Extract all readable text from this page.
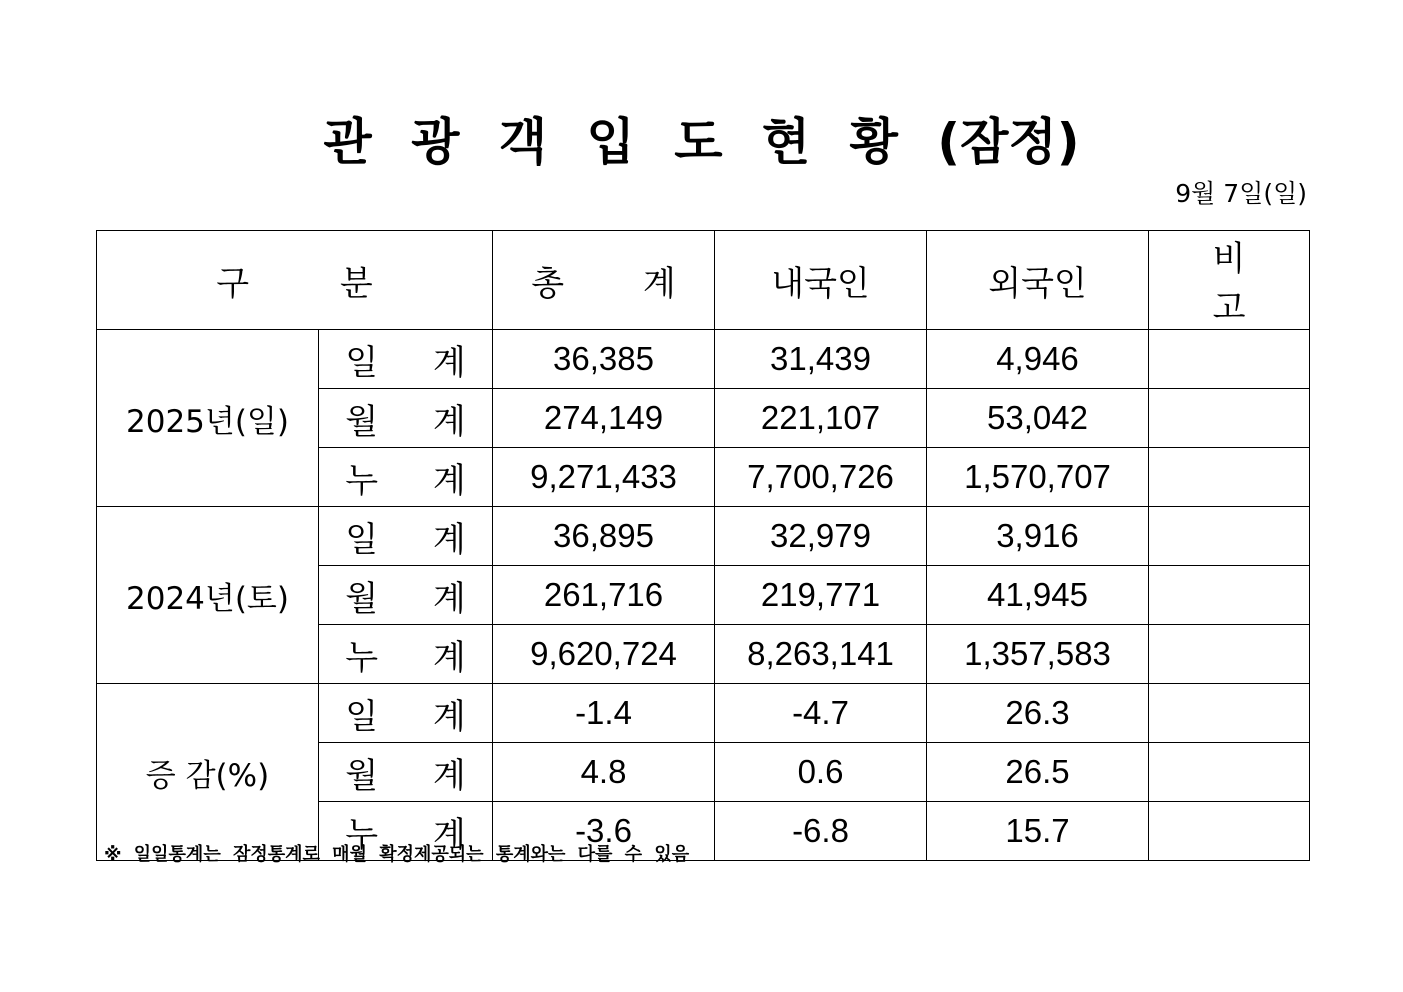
관 광 객 입 도 현 황 (잠정)
9월 7일(일)
구 분		총 계	내국인	외국인	비 고
2025년(일)	일 계	36,385	31,439	4,946	
	월 계	274,149	221,107	53,042	
	누 계	9,271,433	7,700,726	1,570,707	
2024년(토)	일 계	36,895	32,979	3,916	
	월 계	261,716	219,771	41,945	
	누 계	9,620,724	8,263,141	1,357,583	
증 감(%)	일 계	-1.4	-4.7	26.3	
	월 계	4.8	0.6	26.5	
	누 계	-3.6	-6.8	15.7	
※ 일일통계는 잠정통계로 매월 확정제공되는 통계와는 다를 수 있음
